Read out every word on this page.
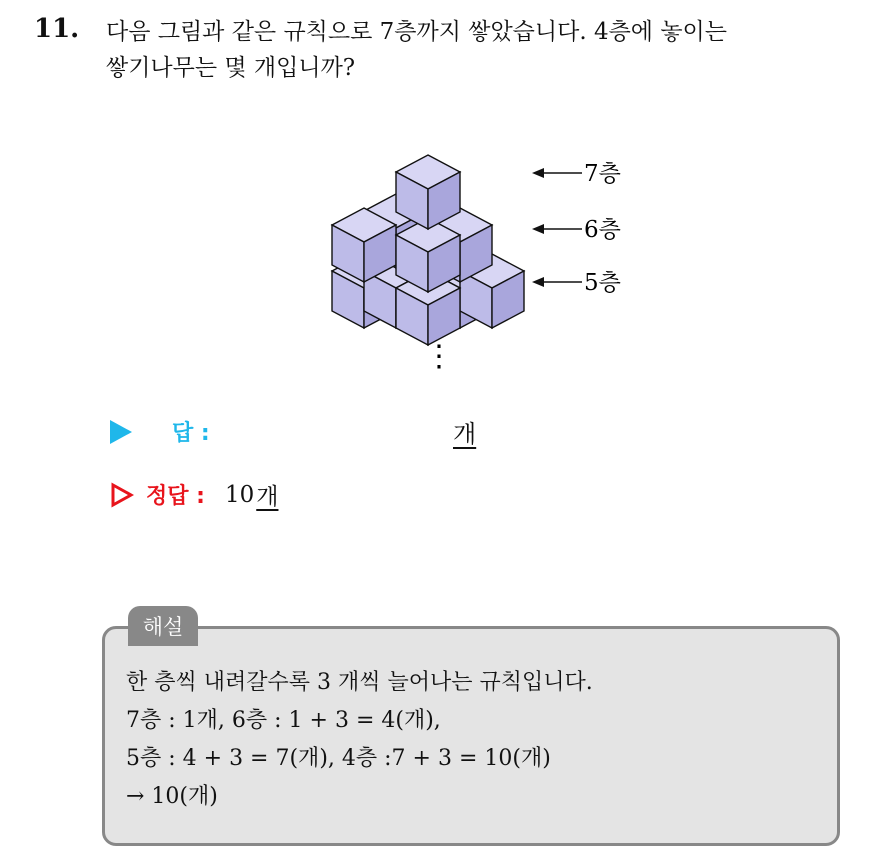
11. 다음 그림과 같은 규칙으로 7층까지 쌓았습니다. 4층에 놓이는
쌓기나무는 몇 개입니까?
7층
6층
5층
⋮
답 :	개
정답 : 10 개
해설
한 층씩 내려갈수록 3 개씩 늘어나는 규칙입니다.
7층 : 1개, 6층 : 1 + 3 = 4(개),
5층 : 4 + 3 = 7(개), 4층 :7 + 3 = 10(개)
→ 10(개)
